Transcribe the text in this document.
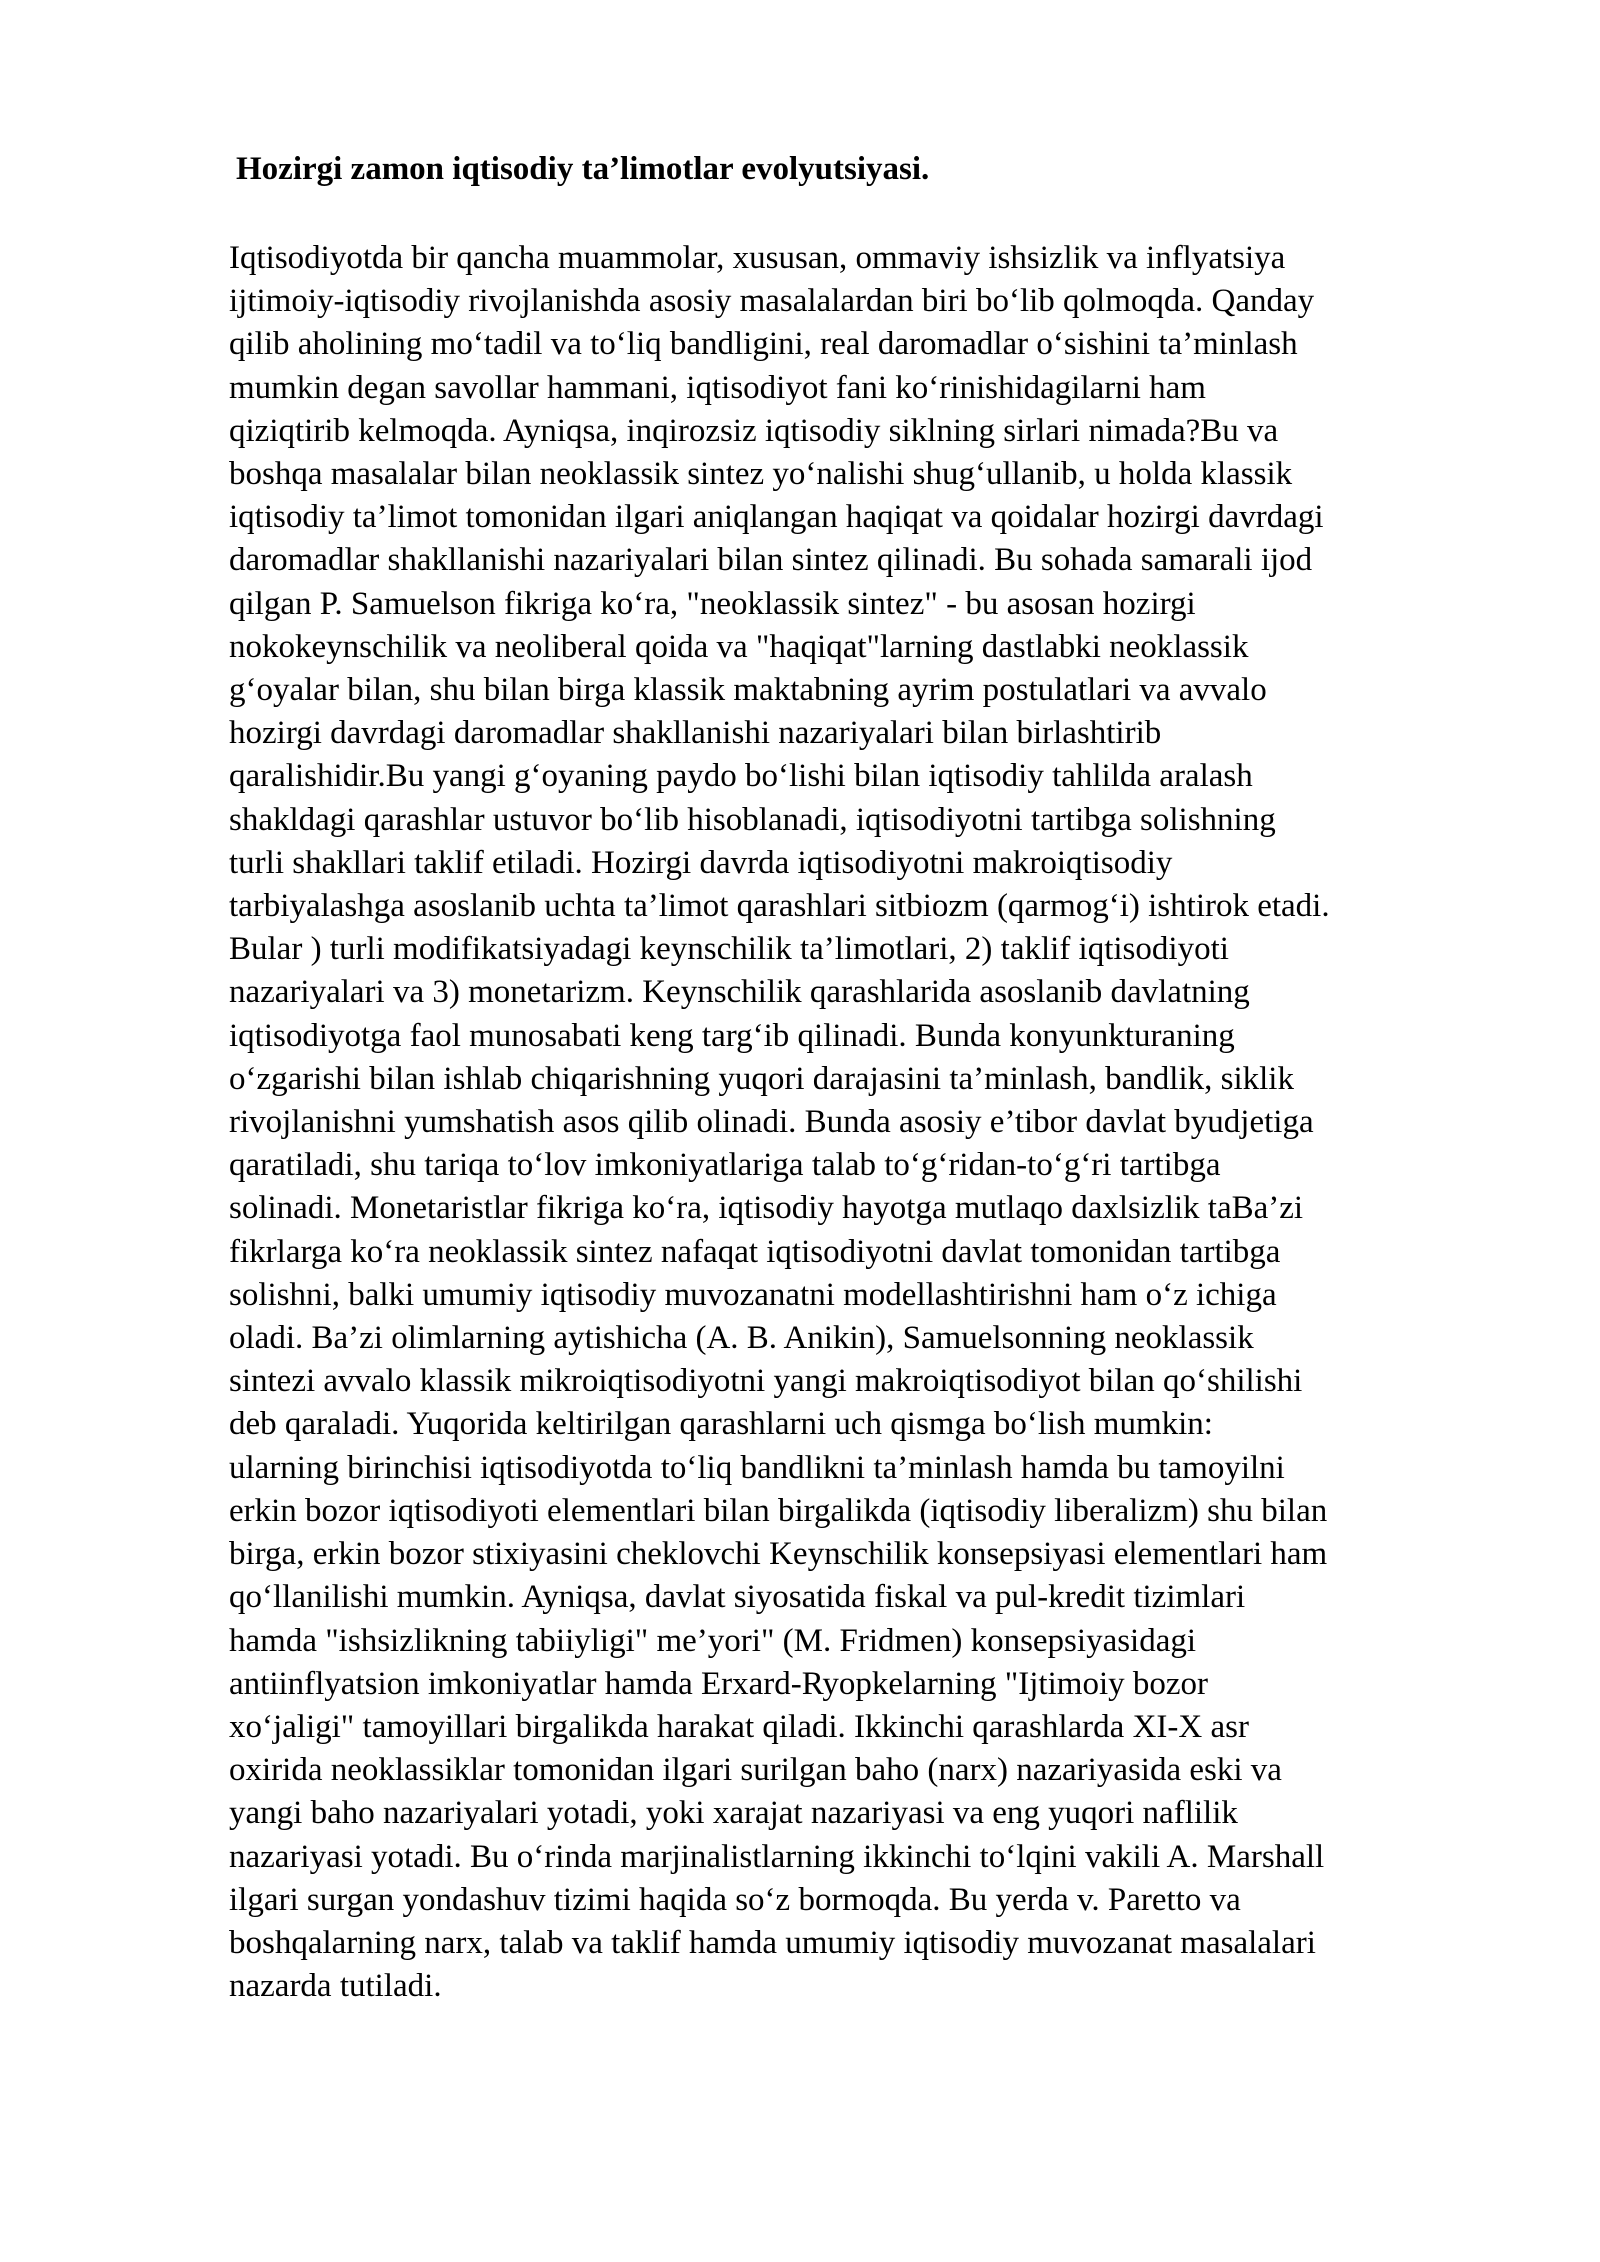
Hozirgi zamon iqtisodiy ta’limotlar evolyutsiyasi.
Iqtisodiyotda bir qancha muammolar, xususan, ommaviy ishsizlik va inflyatsiya
ijtimoiy-iqtisodiy rivojlanishda asosiy masalalardan biri bo‘lib qolmoqda. Qanday
qilib aholining mo‘tadil va to‘liq bandligini, real daromadlar o‘sishini ta’minlash
mumkin degan savollar hammani, iqtisodiyot fani ko‘rinishidagilarni ham
qiziqtirib kelmoqda. Ayniqsa, inqirozsiz iqtisodiy siklning sirlari nimada?Bu va
boshqa masalalar bilan neoklassik sintez yo‘nalishi shug‘ullanib, u holda klassik
iqtisodiy ta’limot tomonidan ilgari aniqlangan haqiqat va qoidalar hozirgi davrdagi
daromadlar shakllanishi nazariyalari bilan sintez qilinadi. Bu sohada samarali ijod
qilgan P. Samuelson fikriga ko‘ra, "neoklassik sintez" - bu asosan hozirgi
nokokeynschilik va neoliberal qoida va "haqiqat"larning dastlabki neoklassik
g‘oyalar bilan, shu bilan birga klassik maktabning ayrim postulatlari va avvalo
hozirgi davrdagi daromadlar shakllanishi nazariyalari bilan birlashtirib
qaralishidir.Bu yangi g‘oyaning paydo bo‘lishi bilan iqtisodiy tahlilda aralash
shakldagi qarashlar ustuvor bo‘lib hisoblanadi, iqtisodiyotni tartibga solishning
turli shakllari taklif etiladi. Hozirgi davrda iqtisodiyotni makroiqtisodiy
tarbiyalashga asoslanib uchta ta’limot qarashlari sitbiozm (qarmog‘i) ishtirok etadi.
Bular ) turli modifikatsiyadagi keynschilik ta’limotlari, 2) taklif iqtisodiyoti
nazariyalari va 3) monetarizm. Keynschilik qarashlarida asoslanib davlatning
iqtisodiyotga faol munosabati keng targ‘ib qilinadi. Bunda konyunkturaning
o‘zgarishi bilan ishlab chiqarishning yuqori darajasini ta’minlash, bandlik, siklik
rivojlanishni yumshatish asos qilib olinadi. Bunda asosiy e’tibor davlat byudjetiga
qaratiladi, shu tariqa to‘lov imkoniyatlariga talab to‘g‘ridan-to‘g‘ri tartibga
solinadi. Monetaristlar fikriga ko‘ra, iqtisodiy hayotga mutlaqo daxlsizlik taBa’zi
fikrlarga ko‘ra neoklassik sintez nafaqat iqtisodiyotni davlat tomonidan tartibga
solishni, balki umumiy iqtisodiy muvozanatni modellashtirishni ham o‘z ichiga
oladi. Ba’zi olimlarning aytishicha (A. B. Anikin), Samuelsonning neoklassik
sintezi avvalo klassik mikroiqtisodiyotni yangi makroiqtisodiyot bilan qo‘shilishi
deb qaraladi. Yuqorida keltirilgan qarashlarni uch qismga bo‘lish mumkin:
ularning birinchisi iqtisodiyotda to‘liq bandlikni ta’minlash hamda bu tamoyilni
erkin bozor iqtisodiyoti elementlari bilan birgalikda (iqtisodiy liberalizm) shu bilan
birga, erkin bozor stixiyasini cheklovchi Keynschilik konsepsiyasi elementlari ham
qo‘llanilishi mumkin. Ayniqsa, davlat siyosatida fiskal va pul-kredit tizimlari
hamda "ishsizlikning tabiiyligi" me’yori" (M. Fridmen) konsepsiyasidagi
antiinflyatsion imkoniyatlar hamda Erxard-Ryopkelarning "Ijtimoiy bozor
xo‘jaligi" tamoyillari birgalikda harakat qiladi. Ikkinchi qarashlarda XI-X asr
oxirida neoklassiklar tomonidan ilgari surilgan baho (narx) nazariyasida eski va
yangi baho nazariyalari yotadi, yoki xarajat nazariyasi va eng yuqori naflilik
nazariyasi yotadi. Bu o‘rinda marjinalistlarning ikkinchi to‘lqini vakili A. Marshall
ilgari surgan yondashuv tizimi haqida so‘z bormoqda. Bu yerda v. Paretto va
boshqalarning narx, talab va taklif hamda umumiy iqtisodiy muvozanat masalalari
nazarda tutiladi.
